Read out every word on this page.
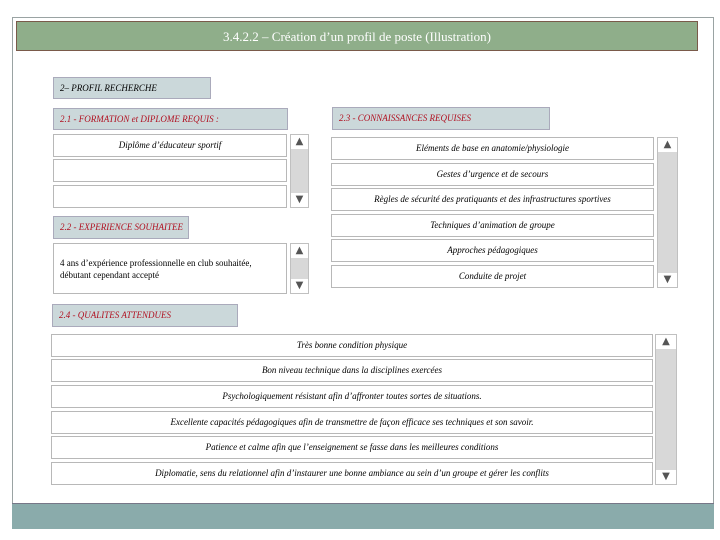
3.4.2.2 – Création d’un profil de poste (Illustration)
2– PROFIL RECHERCHE
2.1 - FORMATION et DIPLOME REQUIS :
Diplôme d’éducateur sportif	▲
▼
2.2 - EXPERIENCE SOUHAITEE
4 ans d’expérience professionnelle en club souhaitée, débutant cependant accepté
▲
▼
2.3 - CONNAISSANCES REQUISES
Eléments de base en anatomie/physiologie
Gestes d’urgence et de secours
Règles de sécurité des pratiquants et des infrastructures sportives
Techniques d’animation de groupe
Approches pédagogiques
Conduite de projet
▲
▼
2.4 - QUALITES ATTENDUES
Très bonne condition physique
Bon niveau technique dans la disciplines exercées
Psychologiquement résistant afin d’affronter toutes sortes de situations.
Excellente capacités pédagogiques afin de transmettre de façon efficace ses techniques et son savoir.
Patience et calme afin que l’enseignement se fasse dans les meilleures conditions
Diplomatie, sens du relationnel afin d’instaurer une bonne ambiance au sein d’un groupe et gérer les conflits
▲
▼
